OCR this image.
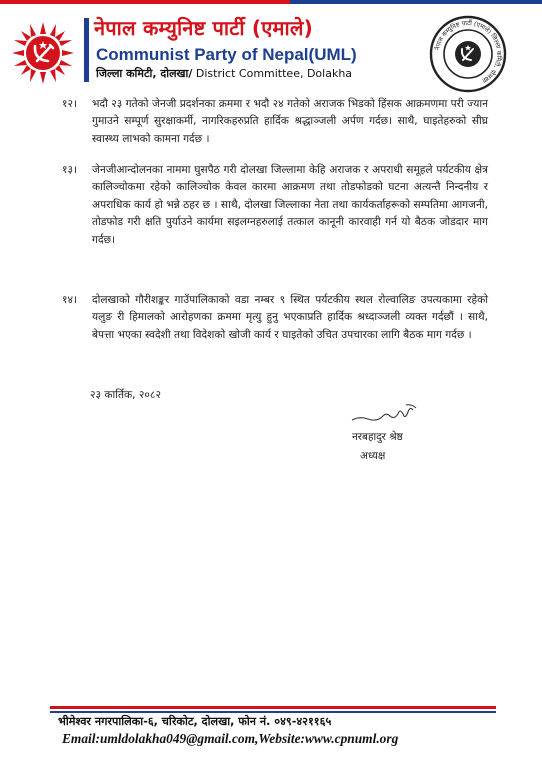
नेपाल कम्युनिष्ट पार्टी (एमाले)
Communist Party of Nepal(UML)
जिल्ला कमिटी, दोलखा/ District Committee, Dolakha
नेपाल कम्युनिष्ट पार्टी (एमाले) जिल्ला कमिटी, दोलखा
१२। भदौ २३ गतेको जेनजी प्रदर्शनका क्रममा र भदौ २४ गतेको अराजक भिडको हिंसक आक्रमणमा परी ज्यान गुमाउने सम्पूर्ण सुरक्षाकर्मी, नागरिकहरुप्रति हार्दिक श्रद्धाञ्जली अर्पण गर्दछ। साथै, घाइतेहरुको सीघ्र स्वास्थ्य लाभको कामना गर्दछ ।
१३। जेनजीआन्दोलनका नाममा घुसपैठ गरी दोलखा जिल्लामा केहि अराजक र अपराधी समूहले पर्यटकीय क्षेत्र कालिञ्चोकमा रहेको कालिञ्चोक केवल कारमा आक्रमण तथा तोडफोडको घटना अत्यन्तै निन्दनीय र अपराधिक कार्य हो भन्ने ठहर छ । साथै, दोलखा जिल्लाका नेता तथा कार्यकर्ताहरूको सम्पतिमा आगजनी, तोडफोड गरी क्षति पुर्याउने कार्यमा सइलग्नहरुलाई तत्काल कानूनी कारवाही गर्न यो बैठक जोडदार माग गर्दछ।
१४। दोलखाको गौरीशङ्कर गाउँपालिकाको वडा नम्बर ९ स्थित पर्यटकीय स्थल रोल्वालिङ उपत्यकामा रहेको यलुङ री हिमालको आरोहणका क्रममा मृत्यु हुनु भएकाप्रति हार्दिक श्रध्दाञ्जली व्यक्त गर्दछौं । साथै, बेपत्ता भएका स्वदेशी तथा विदेशको खोजी कार्य र घाइतेको उचित उपचारका लागि बैठक माग गर्दछ ।
२३ कार्तिक, २०८२
नरबहादुर श्रेष्ठ
अध्यक्ष
भीमेश्वर नगरपालिका-६, चरिकोट, दोलखा, फोन नं. ०४९-४२११६५
Email:umldolakha049@gmail.com,Website:www.cpnuml.org
